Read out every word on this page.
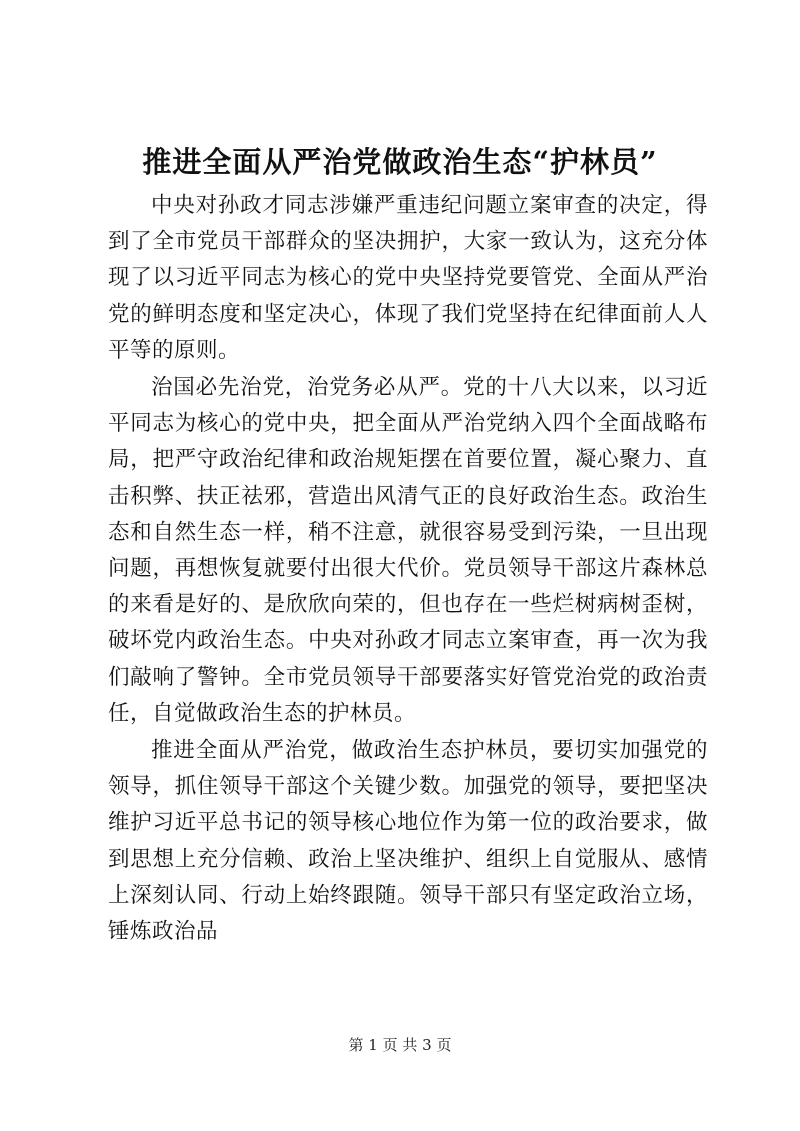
推进全面从严治党做政治生态“护林员”

中央对孙政才同志涉嫌严重违纪问题立案审查的决定，得到了全市党员干部群众的坚决拥护，大家一致认为，这充分体现了以习近平同志为核心的党中央坚持党要管党、全面从严治党的鲜明态度和坚定决心，体现了我们党坚持在纪律面前人人平等的原则。

治国必先治党，治党务必从严。党的十八大以来，以习近平同志为核心的党中央，把全面从严治党纳入四个全面战略布局，把严守政治纪律和政治规矩摆在首要位置，凝心聚力、直击积弊、扶正祛邪，营造出风清气正的良好政治生态。政治生态和自然生态一样，稍不注意，就很容易受到污染，一旦出现问题，再想恢复就要付出很大代价。党员领导干部这片森林总的来看是好的、是欣欣向荣的，但也存在一些烂树病树歪树，破坏党内政治生态。中央对孙政才同志立案审查，再一次为我们敲响了警钟。全市党员领导干部要落实好管党治党的政治责任，自觉做政治生态的护林员。

推进全面从严治党，做政治生态护林员，要切实加强党的领导，抓住领导干部这个关键少数。加强党的领导，要把坚决维护习近平总书记的领导核心地位作为第一位的政治要求，做到思想上充分信赖、政治上坚决维护、组织上自觉服从、感情上深刻认同、行动上始终跟随。领导干部只有坚定政治立场，锤炼政治品

第 1 页 共 3 页
